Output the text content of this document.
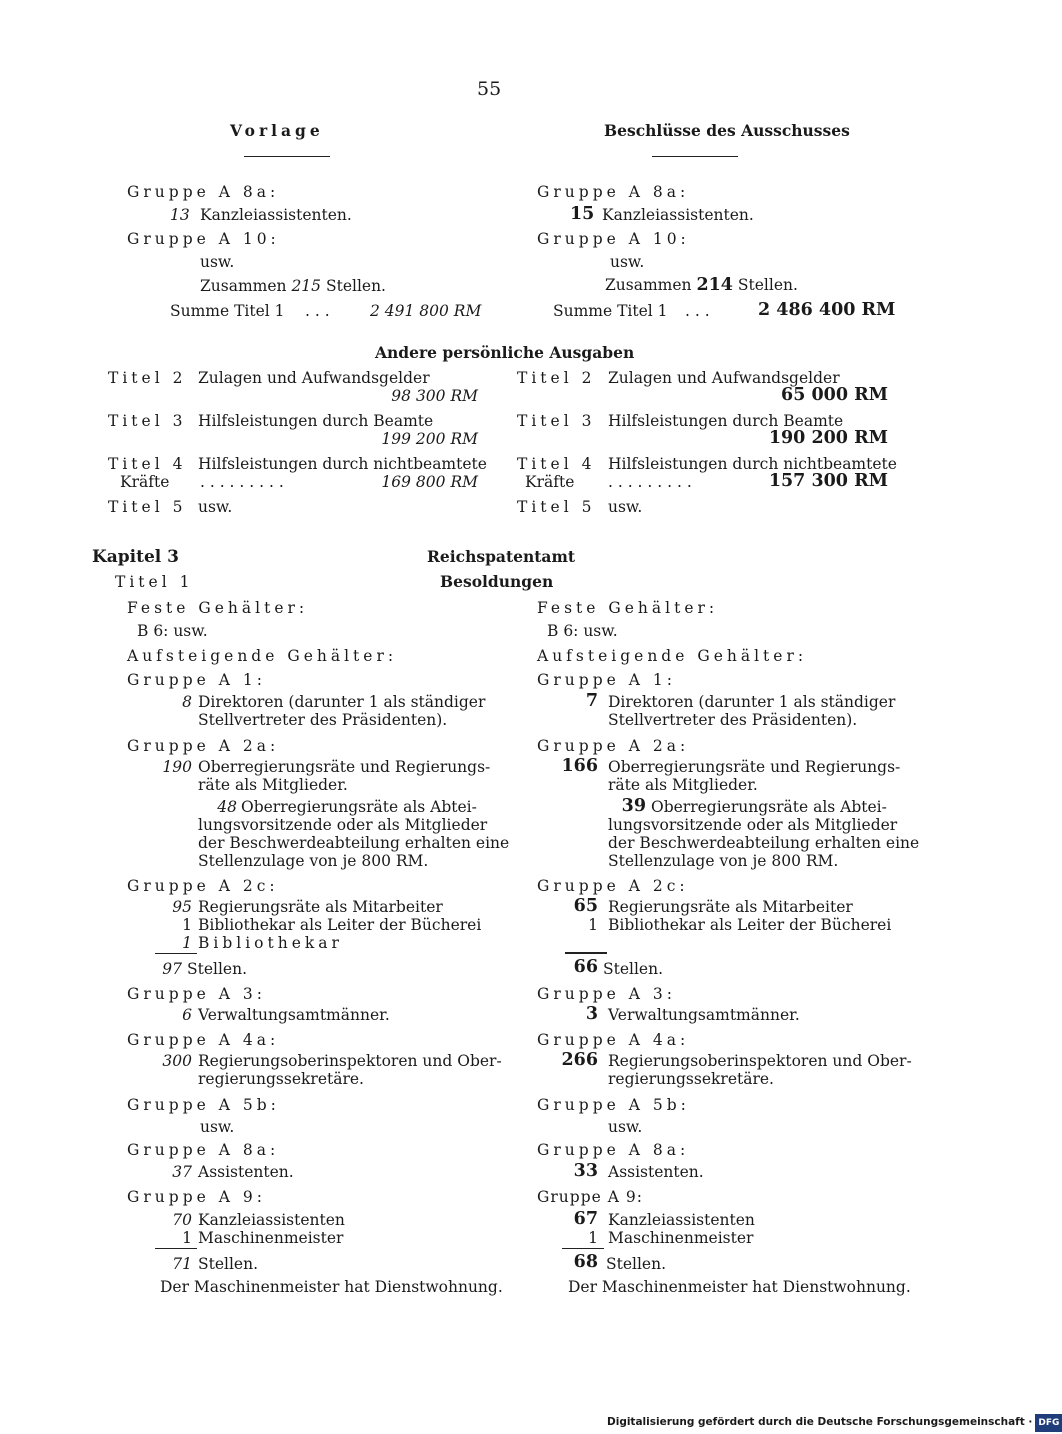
55
Vorlage	Beschlüsse des Ausschusses
Gruppe A 8a:
13 Kanzleiassistenten.
Gruppe A 10:
usw.
Zusammen 215 Stellen.
Summe Titel 1 . . .	2 491 800 RM
Gruppe A 8a:
15 Kanzleiassistenten.
Gruppe A 10:
usw.
Zusammen 214 Stellen.
Summe Titel 1 . . .	2 486 400 RM
Andere persönliche Ausgaben
Titel 2 Zulagen und Aufwandsgelder
98 300 RM
Titel 3 Hilfsleistungen durch Beamte
199 200 RM
Titel 4 Hilfsleistungen durch nichtbeamtete
Kräfte . . . . . . . . .	169 800 RM
Titel 5 usw.
Titel 2 Zulagen und Aufwandsgelder
65 000 RM
Titel 3 Hilfsleistungen durch Beamte
190 200 RM
Titel 4 Hilfsleistungen durch nichtbeamtete
Kräfte . . . . . . . . .	157 300 RM
Titel 5 usw.
Kapitel 3	Reichspatentamt
Titel 1	Besoldungen
Feste Gehälter:
B 6: usw.
Aufsteigende Gehälter:
Gruppe A 1:
8 Direktoren (darunter 1 als ständiger
Stellvertreter des Präsidenten).
Gruppe A 2a:
190 Oberregierungsräte und Regierungs-
räte als Mitglieder.
48 Oberregierungsräte als Abtei-
lungsvorsitzende oder als Mitglieder
der Beschwerdeabteilung erhalten eine
Stellenzulage von je 800 RM.
Gruppe A 2c:
95 Regierungsräte als Mitarbeiter
1 Bibliothekar als Leiter der Bücherei
1 Bibliothekar
97 Stellen.
Gruppe A 3:
6 Verwaltungsamtmänner.
Gruppe A 4a:
300 Regierungsoberinspektoren und Ober-
regierungssekretäre.
Gruppe A 5b:
usw.
Gruppe A 8a:
37 Assistenten.
Gruppe A 9:
70 Kanzleiassistenten
1 Maschinenmeister
71 Stellen.
Der Maschinenmeister hat Dienstwohnung.
Feste Gehälter:
B 6: usw.
Aufsteigende Gehälter:
Gruppe A 1:
7 Direktoren (darunter 1 als ständiger
Stellvertreter des Präsidenten).
Gruppe A 2a:
166 Oberregierungsräte und Regierungs-
räte als Mitglieder.
39 Oberregierungsräte als Abtei-
lungsvorsitzende oder als Mitglieder
der Beschwerdeabteilung erhalten eine
Stellenzulage von je 800 RM.
Gruppe A 2c:
65 Regierungsräte als Mitarbeiter
1 Bibliothekar als Leiter der Bücherei
66 Stellen.
Gruppe A 3:
3 Verwaltungsamtmänner.
Gruppe A 4a:
266 Regierungsoberinspektoren und Ober-
regierungssekretäre.
Gruppe A 5b:
usw.
Gruppe A 8a:
33 Assistenten.
Gruppe A 9:
67 Kanzleiassistenten
1 Maschinenmeister
68 Stellen.
Der Maschinenmeister hat Dienstwohnung.
Digitalisierung gefördert durch die Deutsche Forschungsgemeinschaft · DFG
